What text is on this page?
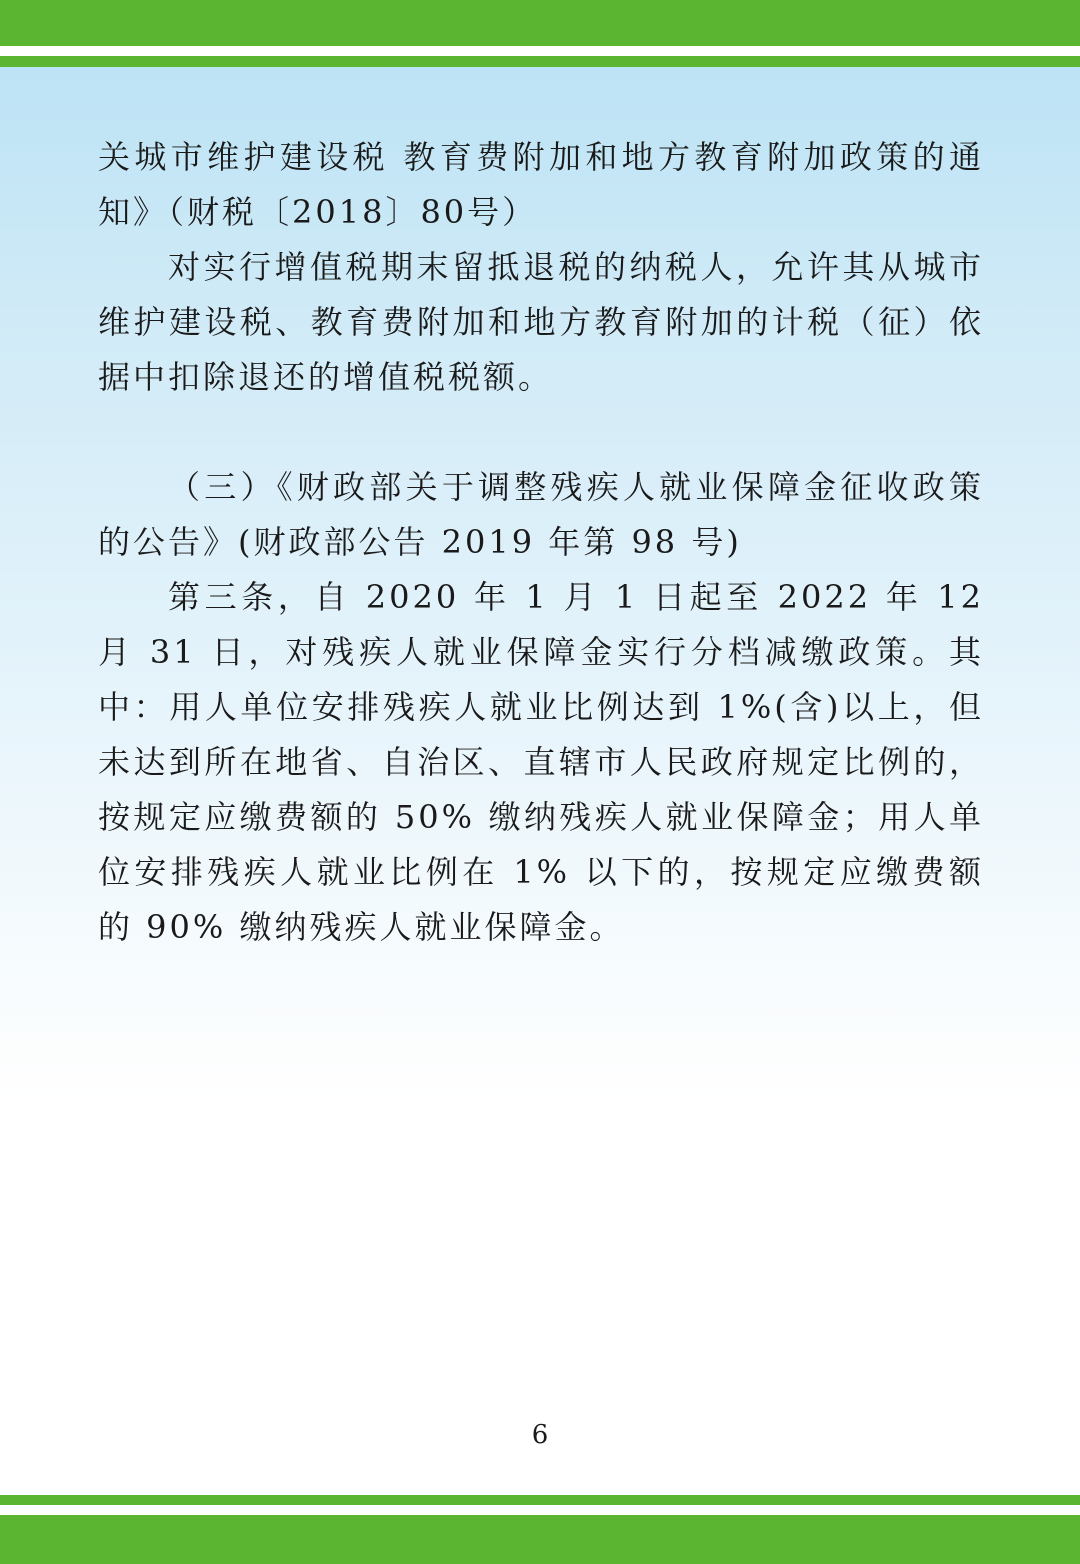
关城市维护建设税 教育费附加和地方教育附加政策的通知》（财税〔2018〕80号）

对实行增值税期末留抵退税的纳税人，允许其从城市维护建设税、教育费附加和地方教育附加的计税（征）依据中扣除退还的增值税税额。

（三）《财政部关于调整残疾人就业保障金征收政策的公告》(财政部公告 2019 年第 98 号)

第三条，自 2020 年 1 月 1 日起至 2022 年 12 月 31 日，对残疾人就业保障金实行分档减缴政策。其中：用人单位安排残疾人就业比例达到 1%(含)以上，但未达到所在地省、自治区、直辖市人民政府规定比例的，按规定应缴费额的 50% 缴纳残疾人就业保障金；用人单位安排残疾人就业比例在 1% 以下的，按规定应缴费额的 90% 缴纳残疾人就业保障金。

6
